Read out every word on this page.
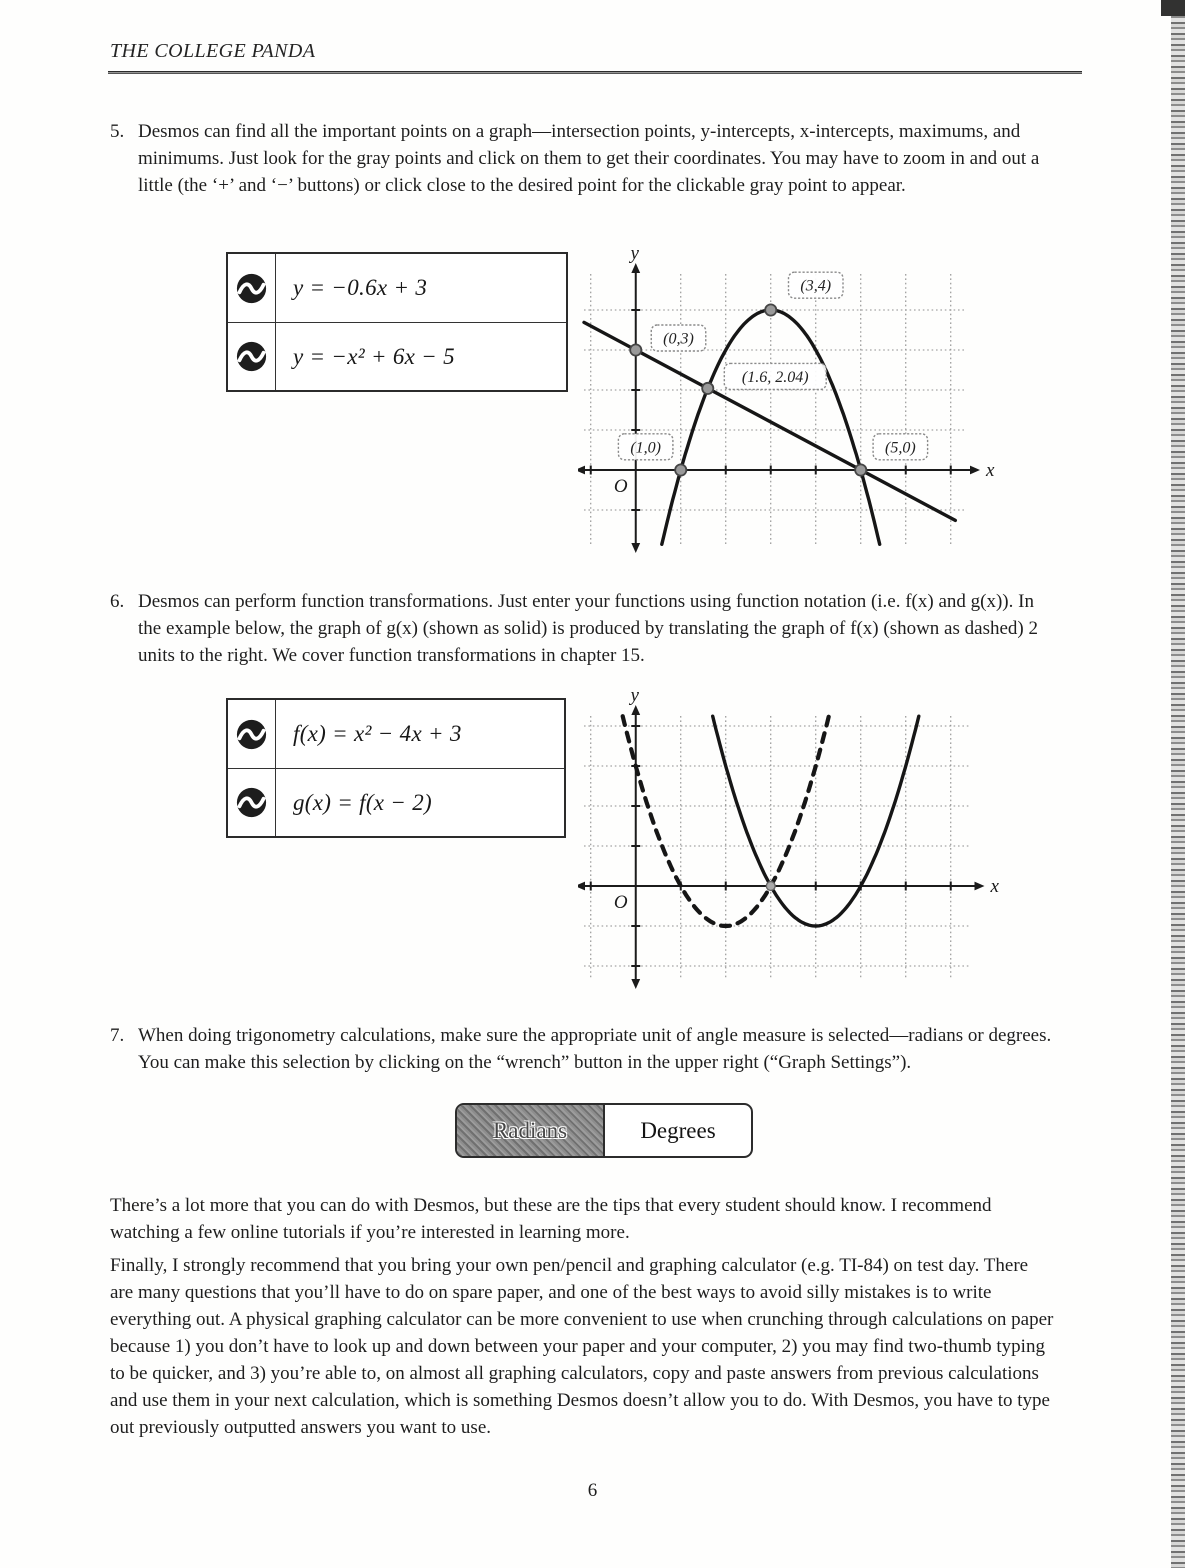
THE COLLEGE PANDA
5. Desmos can find all the important points on a graph—intersection points, y-intercepts, x-intercepts, maximums, and minimums. Just look for the gray points and click on them to get their coordinates. You may have to zoom in and out a little (the ‘+’ and ‘−’ buttons) or click close to the desired point for the clickable gray point to appear.

y = −0.6x + 3
y = −x² + 6x − 5
(0,3)
(1.6, 2.04)
(3,4)
(1,0)	(5,0)
y
x
O
6. Desmos can perform function transformations. Just enter your functions using function notation (i.e. f(x) and g(x)). In the example below, the graph of g(x) (shown as solid) is produced by translating the graph of f(x) (shown as dashed) 2 units to the right. We cover function transformations in chapter 15.

f(x) = x² − 4x + 3
g(x) = f(x − 2)
y
x
O
7. When doing trigonometry calculations, make sure the appropriate unit of angle measure is selected—radians or degrees. You can make this selection by clicking on the “wrench” button in the upper right (“Graph Settings”).

Radians	Degrees

There’s a lot more that you can do with Desmos, but these are the tips that every student should know. I recommend watching a few online tutorials if you’re interested in learning more.

Finally, I strongly recommend that you bring your own pen/pencil and graphing calculator (e.g. TI-84) on test day. There are many questions that you’ll have to do on spare paper, and one of the best ways to avoid silly mistakes is to write everything out. A physical graphing calculator can be more convenient to use when crunching through calculations on paper because 1) you don’t have to look up and down between your paper and your computer, 2) you may find two-thumb typing to be quicker, and 3) you’re able to, on almost all graphing calculators, copy and paste answers from previous calculations and use them in your next calculation, which is something Desmos doesn’t allow you to do. With Desmos, you have to type out previously outputted answers you want to use.

6
